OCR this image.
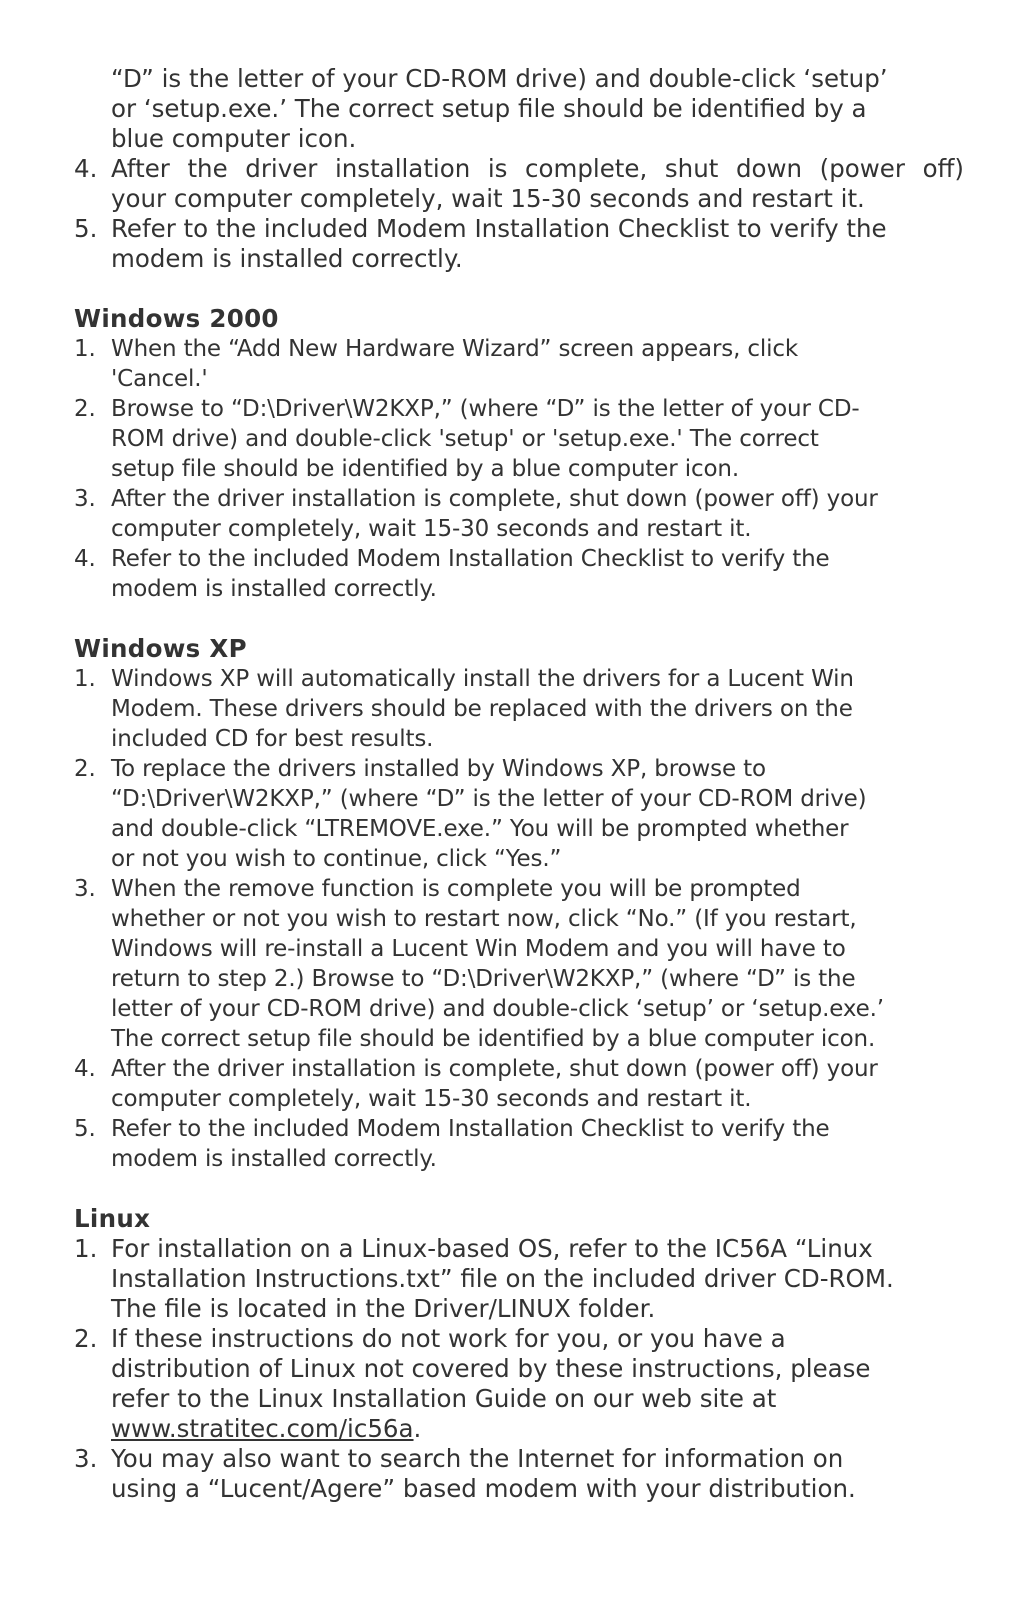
“D” is the letter of your CD-ROM drive) and double-click ‘setup’
or ‘setup.exe.’ The correct setup file should be identified by a
blue computer icon.
4. After the driver installation is complete, shut down (power off)
your computer completely, wait 15-30 seconds and restart it.
5. Refer to the included Modem Installation Checklist to verify the
modem is installed correctly.
Windows 2000
1. When the “Add New Hardware Wizard” screen appears, click
'Cancel.'
2. Browse to “D:\Driver\W2KXP,” (where “D” is the letter of your CD-
ROM drive) and double-click 'setup' or 'setup.exe.' The correct
setup file should be identified by a blue computer icon.
3. After the driver installation is complete, shut down (power off) your
computer completely, wait 15-30 seconds and restart it.
4. Refer to the included Modem Installation Checklist to verify the
modem is installed correctly.
Windows XP
1. Windows XP will automatically install the drivers for a Lucent Win
Modem. These drivers should be replaced with the drivers on the
included CD for best results.
2. To replace the drivers installed by Windows XP, browse to
“D:\Driver\W2KXP,” (where “D” is the letter of your CD-ROM drive)
and double-click “LTREMOVE.exe.” You will be prompted whether
or not you wish to continue, click “Yes.”
3. When the remove function is complete you will be prompted
whether or not you wish to restart now, click “No.” (If you restart,
Windows will re-install a Lucent Win Modem and you will have to
return to step 2.) Browse to “D:\Driver\W2KXP,” (where “D” is the
letter of your CD-ROM drive) and double-click ‘setup’ or ‘setup.exe.’
The correct setup file should be identified by a blue computer icon.
4. After the driver installation is complete, shut down (power off) your
computer completely, wait 15-30 seconds and restart it.
5. Refer to the included Modem Installation Checklist to verify the
modem is installed correctly.
Linux
1. For installation on a Linux-based OS, refer to the IC56A “Linux
Installation Instructions.txt” file on the included driver CD-ROM.
The file is located in the Driver/LINUX folder.
2. If these instructions do not work for you, or you have a
distribution of Linux not covered by these instructions, please
refer to the Linux Installation Guide on our web site at
www.stratitec.com/ic56a.
3. You may also want to search the Internet for information on
using a “Lucent/Agere” based modem with your distribution.
